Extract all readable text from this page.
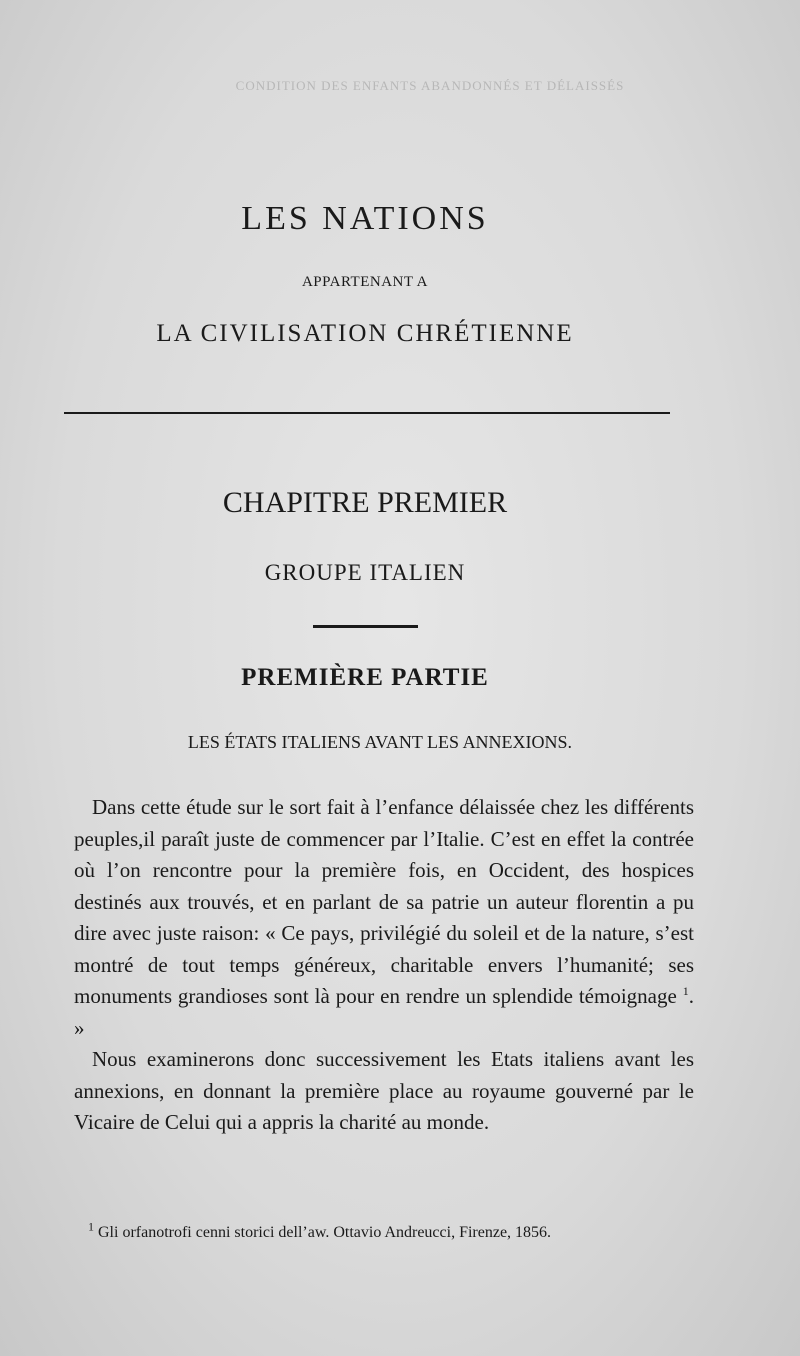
CONDITION DES ENFANTS ABANDONNÉS ET DÉLAISSÉS
LES NATIONS
APPARTENANT A
LA CIVILISATION CHRÉTIENNE
CHAPITRE PREMIER
GROUPE ITALIEN
PREMIÈRE PARTIE
LES ÉTATS ITALIENS AVANT LES ANNEXIONS.

Dans cette étude sur le sort fait à l’enfance délaissée chez les différents peuples,il paraît juste de commencer par l’Italie. C’est en effet la contrée où l’on rencontre pour la première fois, en Occident, des hospices destinés aux trouvés, et en parlant de sa patrie un auteur florentin a pu dire avec juste raison: « Ce pays, privilégié du soleil et de la nature, s’est montré de tout temps généreux, charitable envers l’humanité; ses monuments grandioses sont là pour en rendre un splendide témoignage $^1$. »

Nous examinerons donc successivement les Etats italiens avant les annexions, en donnant la première place au royaume gouverné par le Vicaire de Celui qui a appris la charité au monde.

$^1$ Gli orfanotrofi cenni storici dell’aw. Ottavio Andreucci, Firenze, 1856.
